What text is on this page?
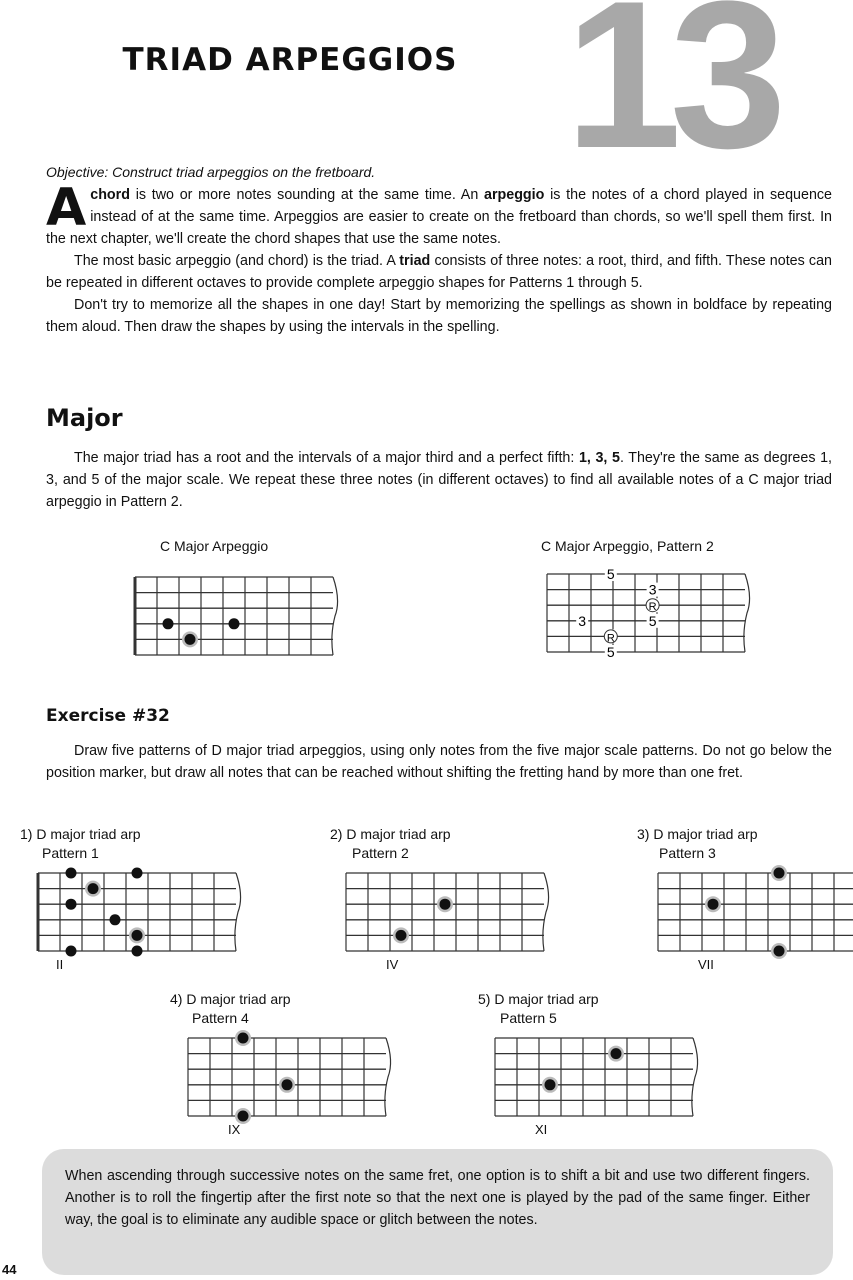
13
TRIAD ARPEGGIOS
Objective: Construct triad arpeggios on the fretboard.

A chord is two or more notes sounding at the same time. An arpeggio is the notes of a chord played in sequence instead of at the same time. Arpeggios are easier to create on the fretboard than chords, so we'll spell them first. In the next chapter, we'll create the chord shapes that use the same notes.

The most basic arpeggio (and chord) is the triad. A triad consists of three notes: a root, third, and fifth. These notes can be repeated in different octaves to provide complete arpeggio shapes for Patterns 1 through 5.

Don't try to memorize all the shapes in one day! Start by memorizing the spellings as shown in boldface by repeating them aloud. Then draw the shapes by using the intervals in the spelling.

Major

The major triad has a root and the intervals of a major third and a perfect fifth: 1, 3, 5. They're the same as degrees 1, 3, and 5 of the major scale. We repeat these three notes (in different octaves) to find all available notes of a C major triad arpeggio in Pattern 2.

C Major Arpeggio	C Major Arpeggio, Pattern 2
5
3
R
5
3
R
5
Exercise #32

Draw five patterns of D major triad arpeggios, using only notes from the five major scale patterns. Do not go below the position marker, but draw all notes that can be reached without shifting the fretting hand by more than one fret.

1) D major triad arp
Pattern 1
II
2) D major triad arp
Pattern 2
IV
3) D major triad arp
Pattern 3
VII
4) D major triad arp
Pattern 4
IX
5) D major triad arp
Pattern 5
XI
When ascending through successive notes on the same fret, one option is to shift a bit and use two different fingers. Another is to roll the fingertip after the first note so that the next one is played by the pad of the same finger. Either way, the goal is to eliminate any audible space or glitch between the notes.
44
